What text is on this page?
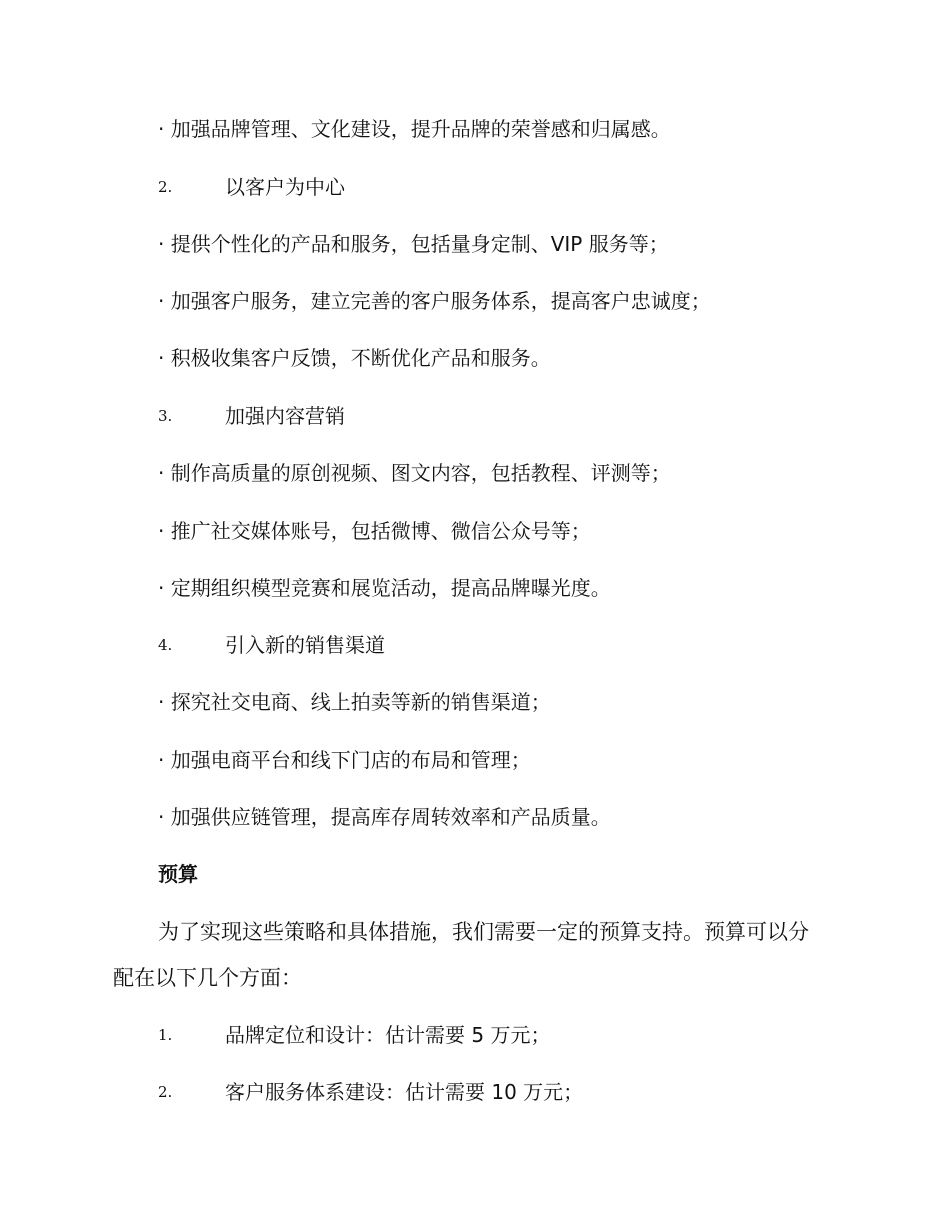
· 加强品牌管理、文化建设，提升品牌的荣誉感和归属感。
2.	以客户为中心
· 提供个性化的产品和服务，包括量身定制、VIP 服务等；
· 加强客户服务，建立完善的客户服务体系，提高客户忠诚度；
· 积极收集客户反馈，不断优化产品和服务。
3.	加强内容营销
· 制作高质量的原创视频、图文内容，包括教程、评测等；
· 推广社交媒体账号，包括微博、微信公众号等；
· 定期组织模型竞赛和展览活动，提高品牌曝光度。
4.	引入新的销售渠道
· 探究社交电商、线上拍卖等新的销售渠道；
· 加强电商平台和线下门店的布局和管理；
· 加强供应链管理，提高库存周转效率和产品质量。
预算
为了实现这些策略和具体措施，我们需要一定的预算支持。预算可以分
配在以下几个方面：
1.	品牌定位和设计：估计需要 5 万元；
2.	客户服务体系建设：估计需要 10 万元；
